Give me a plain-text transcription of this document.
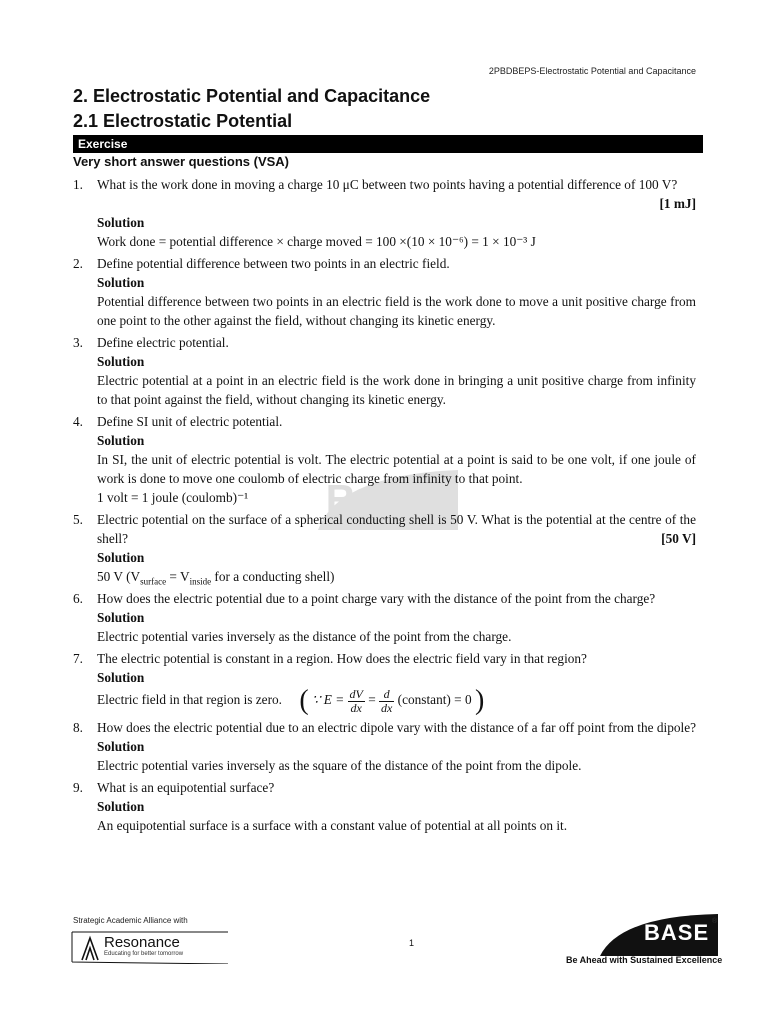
2PBDBEPS-Electrostatic Potential and Capacitance
2. Electrostatic Potential and Capacitance
2.1 Electrostatic Potential
Exercise
Very short answer questions (VSA)
BASE
1. What is the work done in moving a charge 10 μC between two points having a potential difference of 100 V?
[1 mJ]
Solution
Work done = potential difference × charge moved = 100 ×(10 × 10⁻⁶) = 1 × 10⁻³ J
2. Define potential difference between two points in an electric field.
Solution
Potential difference between two points in an electric field is the work done to move a unit positive charge from one point to the other against the field, without changing its kinetic energy.
3. Define electric potential.
Solution
Electric potential at a point in an electric field is the work done in bringing a unit positive charge from infinity to that point against the field, without changing its kinetic energy.
4. Define SI unit of electric potential.
Solution
In SI, the unit of electric potential is volt. The electric potential at a point is said to be one volt, if one joule of work is done to move one coulomb of electric charge from infinity to that point.
1 volt = 1 joule (coulomb)⁻¹
5. Electric potential on the surface of a spherical conducting shell is 50 V. What is the potential at the centre of the shell?	[50 V]
Solution
50 V ($V_{surface} = V_{inside}$ for a conducting shell)
6. How does the electric potential due to a point charge vary with the distance of the point from the charge?
Solution
Electric potential varies inversely as the distance of the point from the charge.
7. The electric potential is constant in a region. How does the electric field vary in that region?
Solution
Electric field in that region is zero. ( ∵ $E = \frac{dV}{dx} = \frac{d}{dx}$ (constant) = 0 )
8. How does the electric potential due to an electric dipole vary with the distance of a far off point from the dipole?
Solution
Electric potential varies inversely as the square of the distance of the point from the dipole.
9. What is an equipotential surface?
Solution
An equipotential surface is a surface with a constant value of potential at all points on it.
Strategic Academic Alliance with
Resonance
Educating for better tomorrow
1	BASE ®
Be Ahead with Sustained Excellence
